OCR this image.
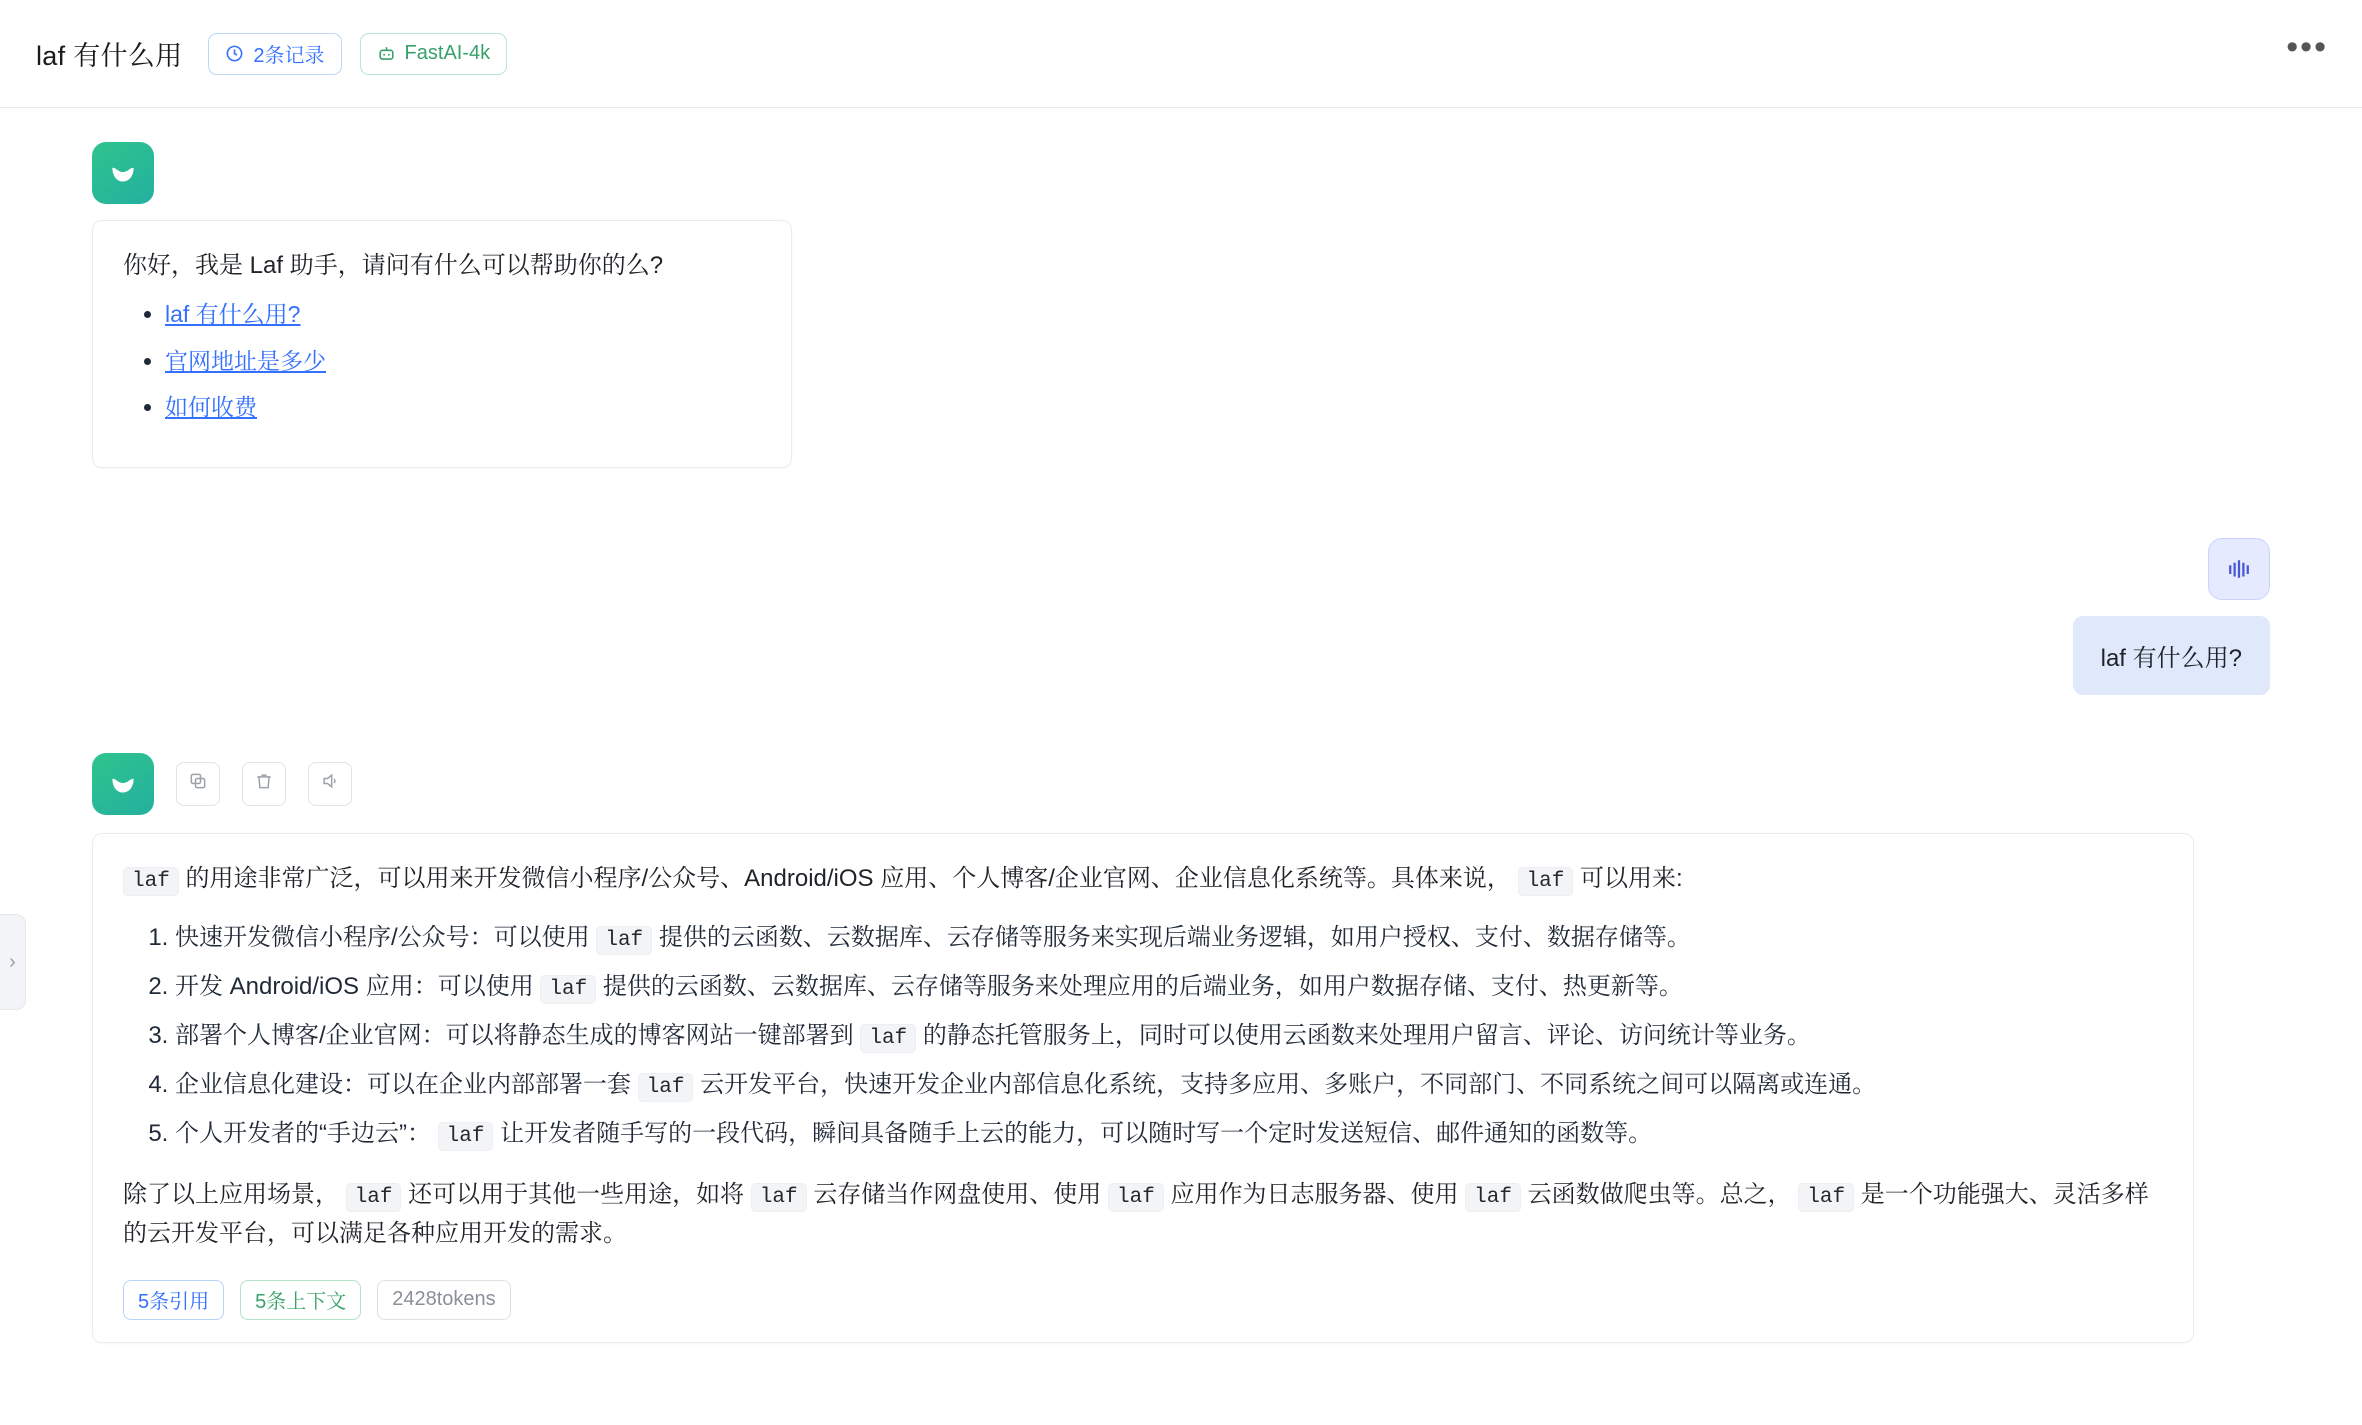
laf 有什么用	2条记录	FastAI-4k	•••
›

你好，我是 Laf 助手，请问有什么可以帮助你的么?

• laf 有什么用?
• 官网地址是多少
• 如何收费
laf 有什么用?

laf 的用途非常广泛，可以用来开发微信小程序/公众号、Android/iOS 应用、个人博客/企业官网、企业信息化系统等。具体来说， laf 可以用来:

1. 快速开发微信小程序/公众号：可以使用 laf 提供的云函数、云数据库、云存储等服务来实现后端业务逻辑，如用户授权、支付、数据存储等。
2. 开发 Android/iOS 应用：可以使用 laf 提供的云函数、云数据库、云存储等服务来处理应用的后端业务，如用户数据存储、支付、热更新等。
3. 部署个人博客/企业官网：可以将静态生成的博客网站一键部署到 laf 的静态托管服务上，同时可以使用云函数来处理用户留言、评论、访问统计等业务。
4. 企业信息化建设：可以在企业内部部署一套 laf 云开发平台，快速开发企业内部信息化系统，支持多应用、多账户，不同部门、不同系统之间可以隔离或连通。
5. 个人开发者的“手边云”： laf 让开发者随手写的一段代码，瞬间具备随手上云的能力，可以随时写一个定时发送短信、邮件通知的函数等。

除了以上应用场景， laf 还可以用于其他一些用途，如将 laf 云存储当作网盘使用、使用 laf 应用作为日志服务器、使用 laf 云函数做爬虫等。总之， laf 是一个功能强大、灵活多样的云开发平台，可以满足各种应用开发的需求。

5条引用	5条上下文	2428tokens
